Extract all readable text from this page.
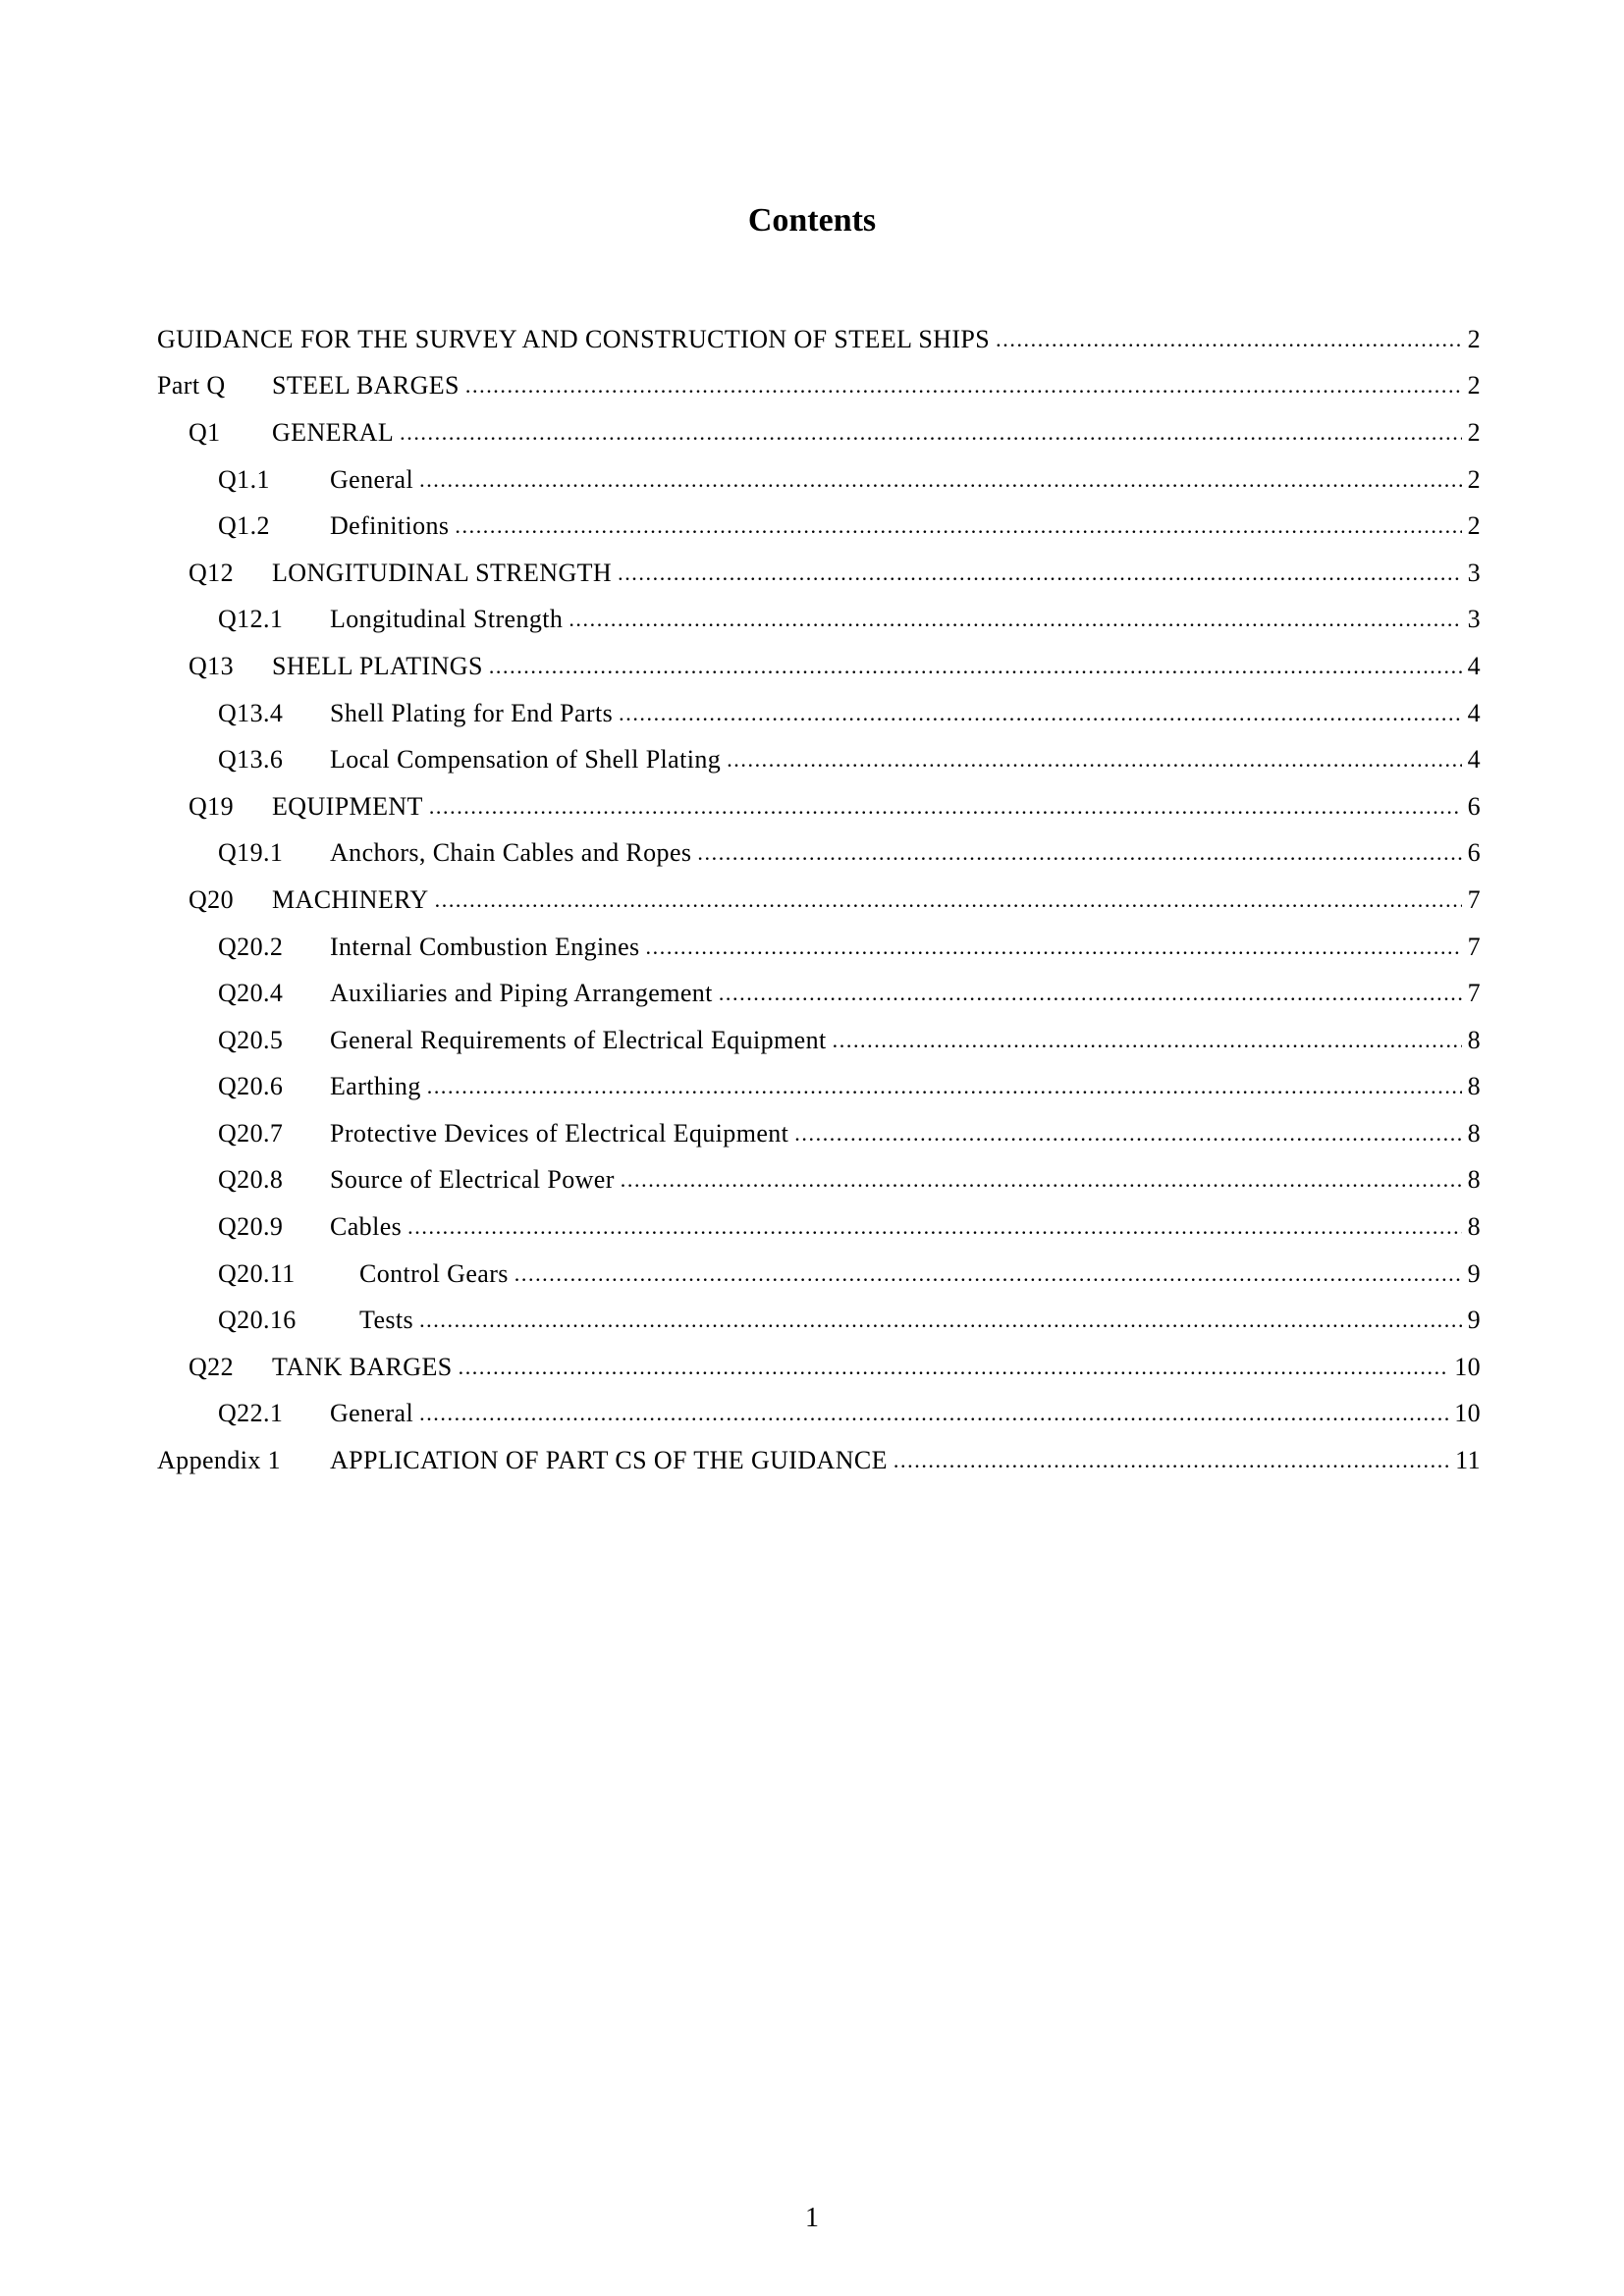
Contents
GUIDANCE FOR THE SURVEY AND CONSTRUCTION OF STEEL SHIPS .....	2
Part Q	STEEL BARGES .....	2
Q1	GENERAL .....	2
Q1.1	General .....	2
Q1.2	Definitions .....	2
Q12	LONGITUDINAL STRENGTH .....	3
Q12.1	Longitudinal Strength .....	3
Q13	SHELL PLATINGS .....	4
Q13.4	Shell Plating for End Parts .....	4
Q13.6	Local Compensation of Shell Plating .....	4
Q19	EQUIPMENT .....	6
Q19.1	Anchors, Chain Cables and Ropes .....	6
Q20	MACHINERY .....	7
Q20.2	Internal Combustion Engines .....	7
Q20.4	Auxiliaries and Piping Arrangement .....	7
Q20.5	General Requirements of Electrical Equipment .....	8
Q20.6	Earthing .....	8
Q20.7	Protective Devices of Electrical Equipment .....	8
Q20.8	Source of Electrical Power .....	8
Q20.9	Cables .....	8
Q20.11	Control Gears .....	9
Q20.16	Tests .....	9
Q22	TANK BARGES .....	10
Q22.1	General .....	10
Appendix 1	APPLICATION OF PART CS OF THE GUIDANCE .....	11
1
